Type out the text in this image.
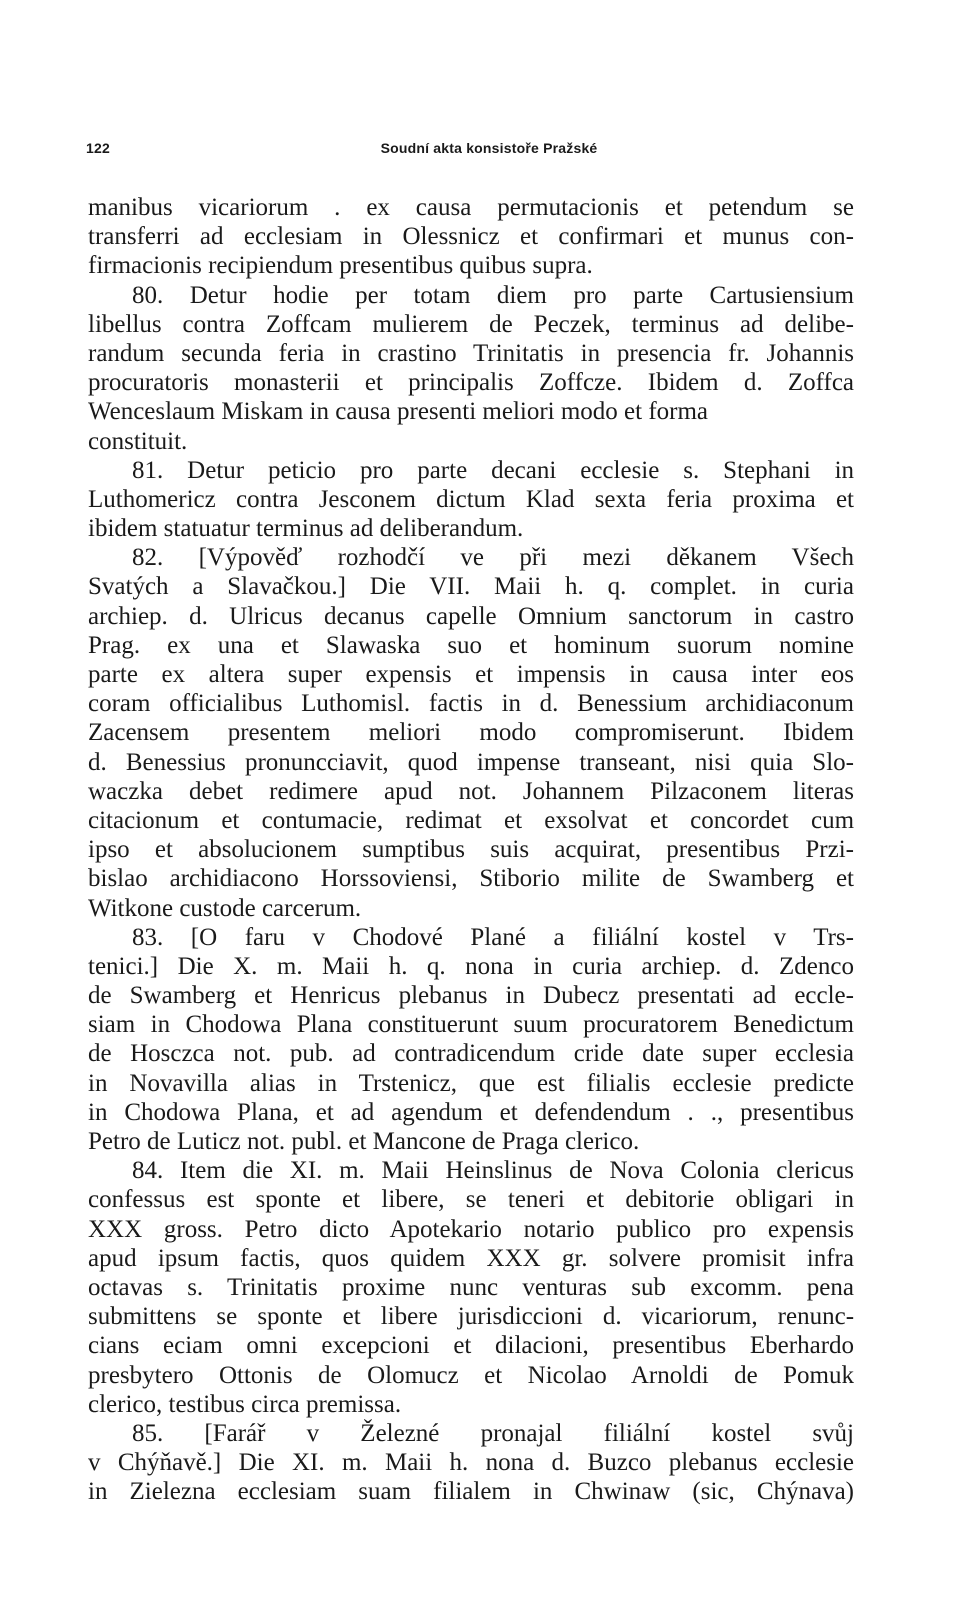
122	Soudní akta konsistoře Pražské
manibus vicariorum . ex causa permutacionis et petendum se
transferri ad ecclesiam in Olessnicz et confirmari et munus con-
firmacionis recipiendum presentibus quibus supra.
80. Detur hodie per totam diem pro parte Cartusiensium
libellus contra Zoffcam mulierem de Peczek, terminus ad delibe-
randum secunda feria in crastino Trinitatis in presencia fr. Johannis
procuratoris monasterii et principalis Zoffcze. Ibidem d. Zoffca
Wenceslaum Miskam in causa presenti meliori modo et forma
constituit.
81. Detur peticio pro parte decani ecclesie s. Stephani in
Luthomericz contra Jesconem dictum Klad sexta feria proxima et
ibidem statuatur terminus ad deliberandum.
82. [Výpověď rozhodčí ve při mezi děkanem Všech
Svatých a Slavačkou.] Die VII. Maii h. q. complet. in curia
archiep. d. Ulricus decanus capelle Omnium sanctorum in castro
Prag. ex una et Slawaska suo et hominum suorum nomine
parte ex altera super expensis et impensis in causa inter eos
coram officialibus Luthomisl. factis in d. Benessium archidiaconum
Zacensem presentem meliori modo compromiserunt. Ibidem
d. Benessius pronuncciavit, quod impense transeant, nisi quia Slo-
waczka debet redimere apud not. Johannem Pilzaconem literas
citacionum et contumacie, redimat et exsolvat et concordet cum
ipso et absolucionem sumptibus suis acquirat, presentibus Przi-
bislao archidiacono Horssoviensi, Stiborio milite de Swamberg et
Witkone custode carcerum.
83. [O faru v Chodové Plané a filiální kostel v Trs-
tenici.] Die X. m. Maii h. q. nona in curia archiep. d. Zdenco
de Swamberg et Henricus plebanus in Dubecz presentati ad eccle-
siam in Chodowa Plana constituerunt suum procuratorem Benedictum
de Hosczca not. pub. ad contradicendum cride date super ecclesia
in Novavilla alias in Trstenicz, que est filialis ecclesie predicte
in Chodowa Plana, et ad agendum et defendendum . ., presentibus
Petro de Luticz not. publ. et Mancone de Praga clerico.
84. Item die XI. m. Maii Heinslinus de Nova Colonia clericus
confessus est sponte et libere, se teneri et debitorie obligari in
XXX gross. Petro dicto Apotekario notario publico pro expensis
apud ipsum factis, quos quidem XXX gr. solvere promisit infra
octavas s. Trinitatis proxime nunc venturas sub excomm. pena
submittens se sponte et libere jurisdiccioni d. vicariorum, renunc-
cians eciam omni excepcioni et dilacioni, presentibus Eberhardo
presbytero Ottonis de Olomucz et Nicolao Arnoldi de Pomuk
clerico, testibus circa premissa.
85. [Farář v Železné pronajal filiální kostel svůj
v Chýňavě.] Die XI. m. Maii h. nona d. Buzco plebanus ecclesie
in Zielezna ecclesiam suam filialem in Chwinaw (sic, Chýnava)
